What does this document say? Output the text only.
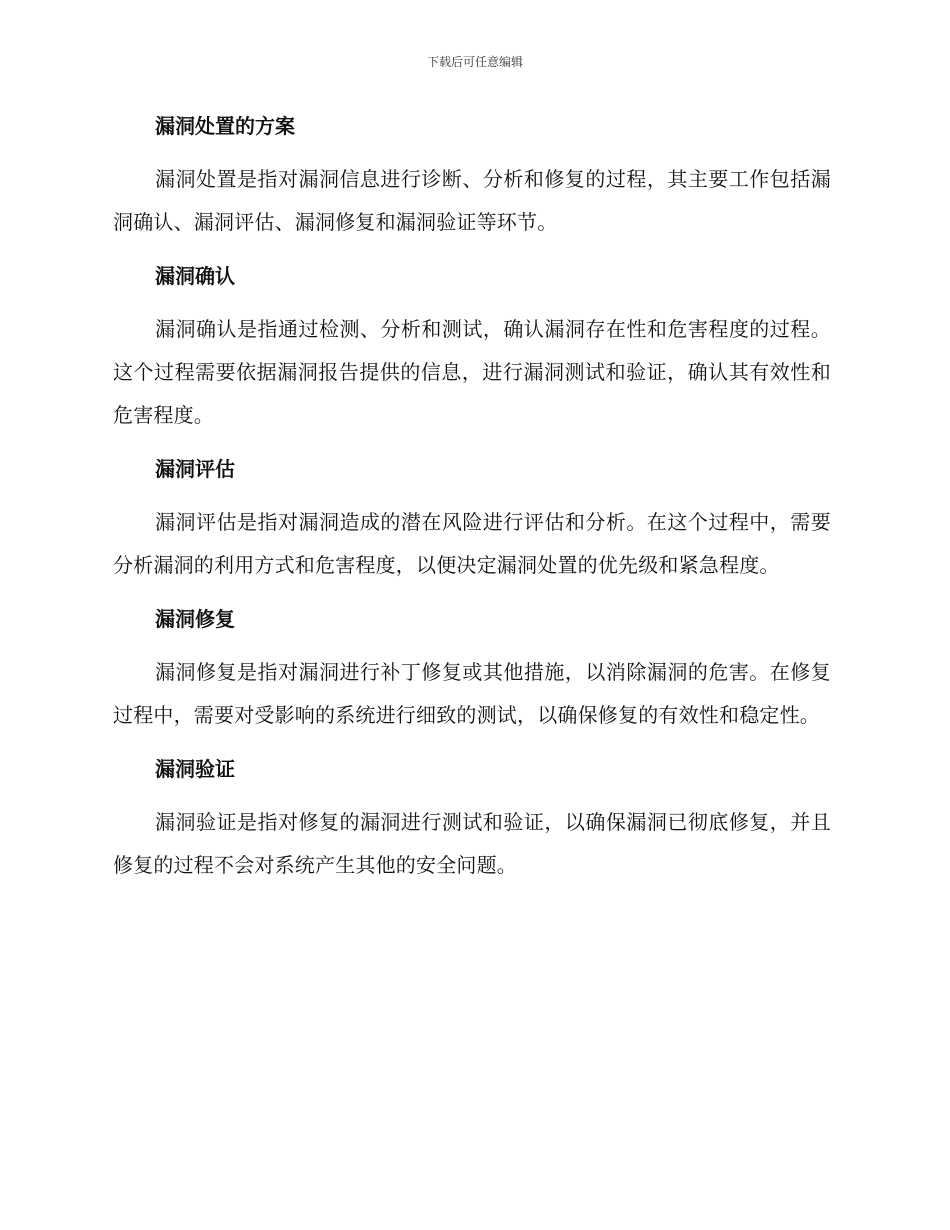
下载后可任意编辑
漏洞处置的方案

漏洞处置是指对漏洞信息进行诊断、分析和修复的过程，其主要工作包括漏洞确认、漏洞评估、漏洞修复和漏洞验证等环节。

漏洞确认

漏洞确认是指通过检测、分析和测试，确认漏洞存在性和危害程度的过程。这个过程需要依据漏洞报告提供的信息，进行漏洞测试和验证，确认其有效性和危害程度。

漏洞评估

漏洞评估是指对漏洞造成的潜在风险进行评估和分析。在这个过程中，需要分析漏洞的利用方式和危害程度，以便决定漏洞处置的优先级和紧急程度。

漏洞修复

漏洞修复是指对漏洞进行补丁修复或其他措施，以消除漏洞的危害。在修复过程中，需要对受影响的系统进行细致的测试，以确保修复的有效性和稳定性。

漏洞验证

漏洞验证是指对修复的漏洞进行测试和验证，以确保漏洞已彻底修复，并且修复的过程不会对系统产生其他的安全问题。
